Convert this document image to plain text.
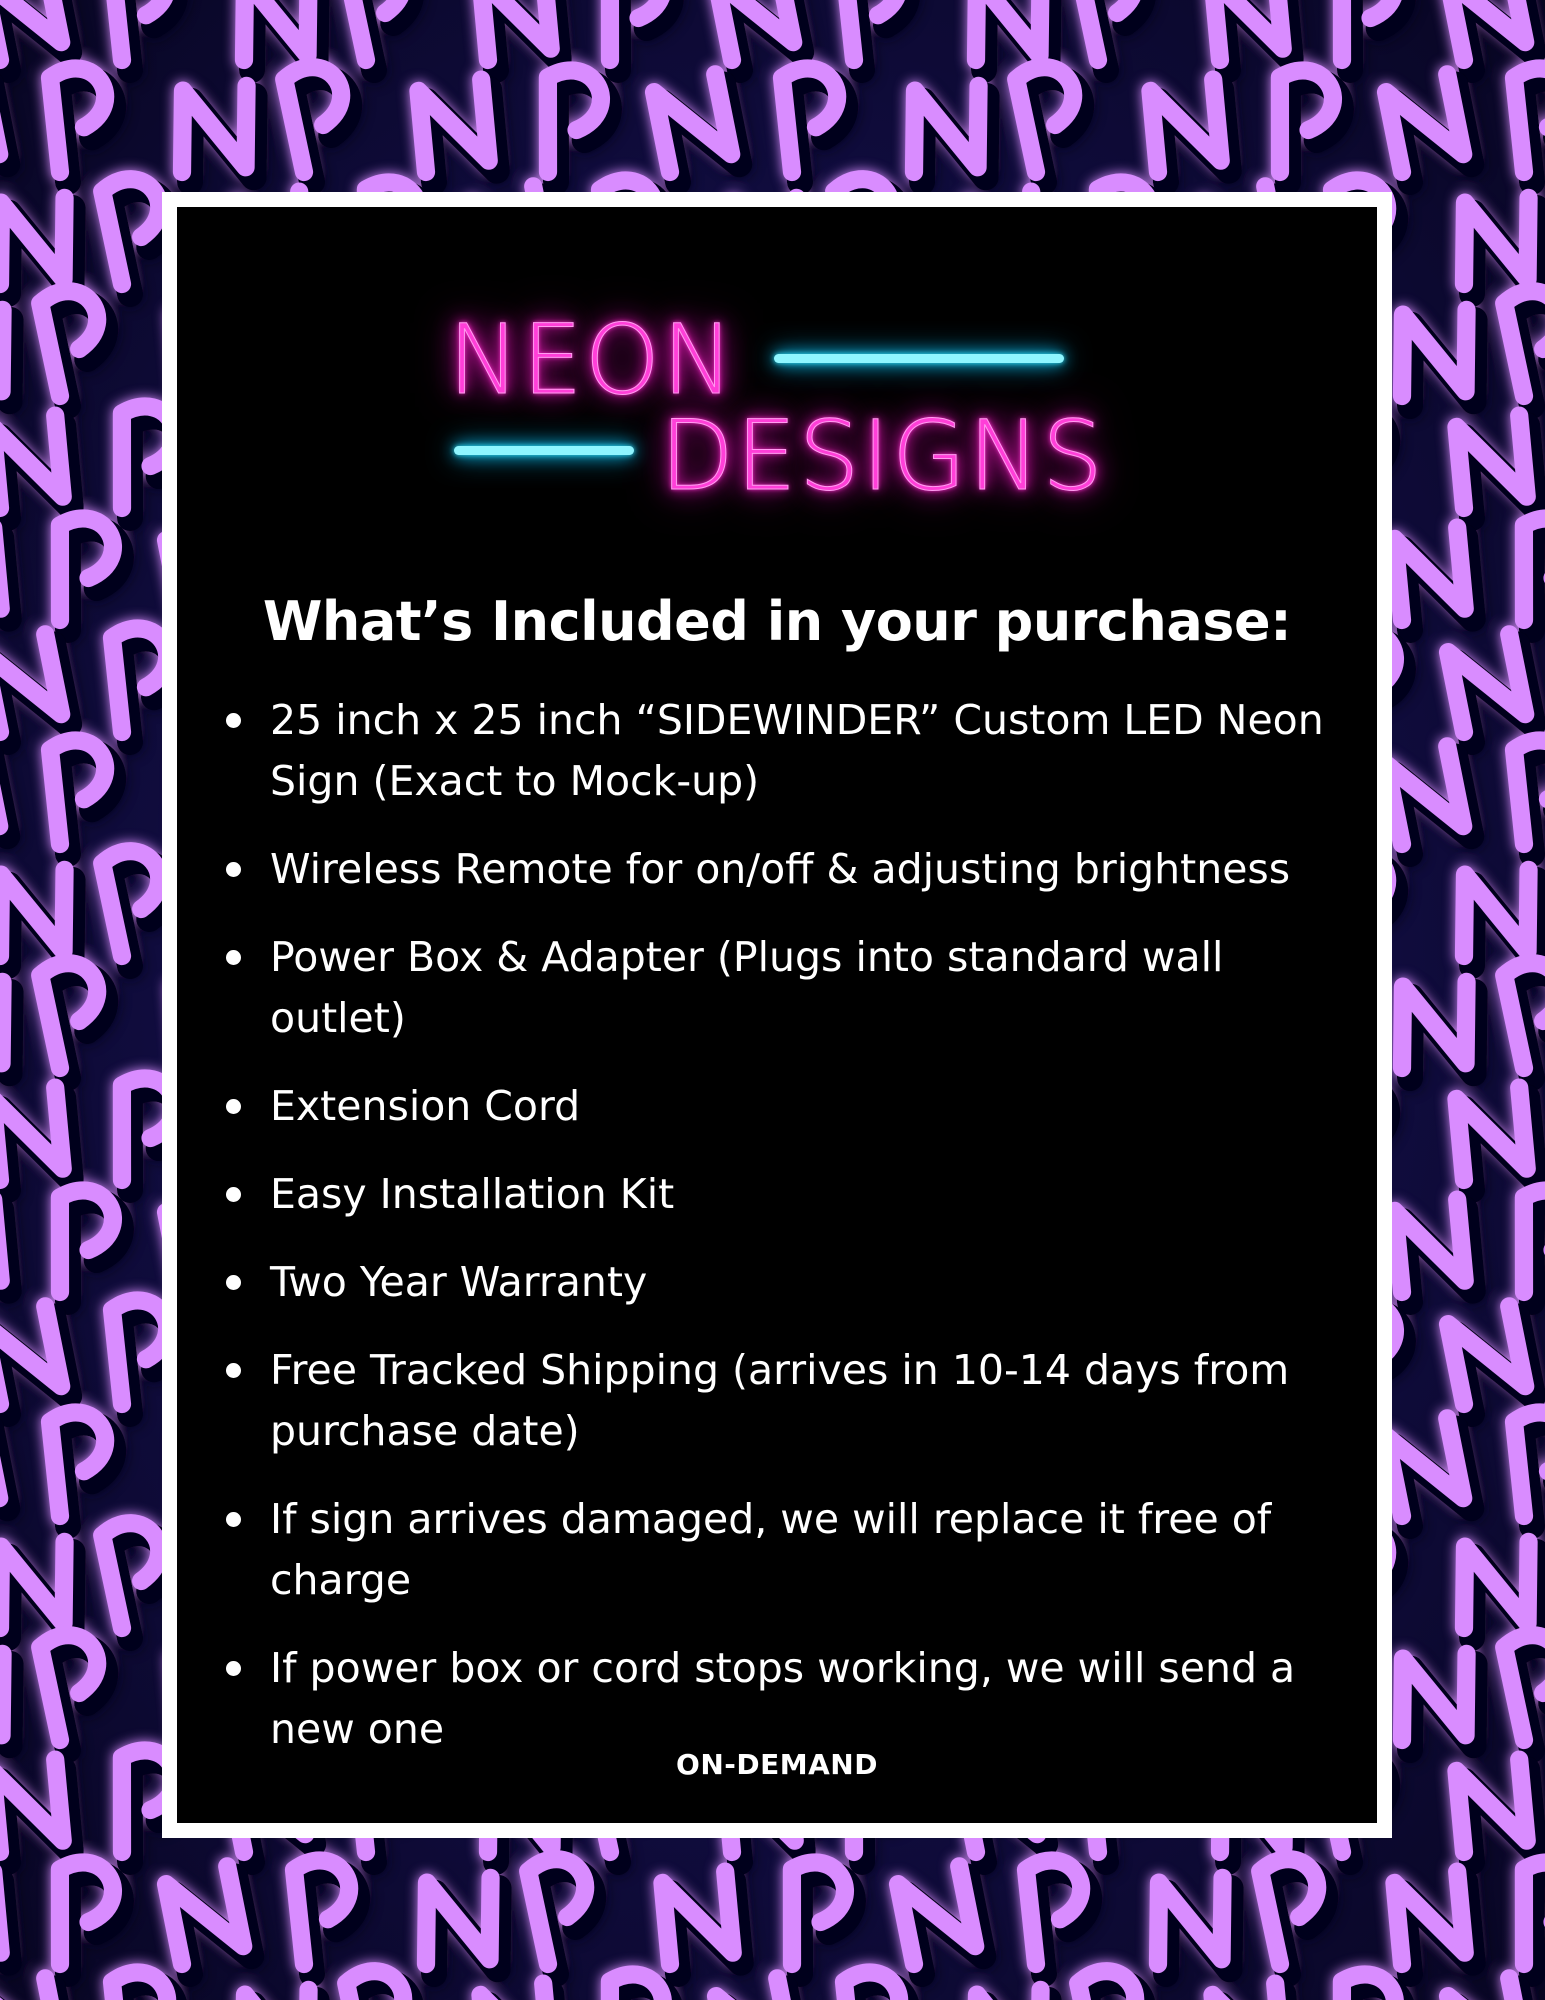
NEON
DESIGNS
What’s Included in your purchase:
25 inch x 25 inch “SIDEWINDER” Custom LED Neon Sign (Exact to Mock-up)
Wireless Remote for on/off & adjusting brightness
Power Box & Adapter (Plugs into standard wall outlet)
Extension Cord
Easy Installation Kit
Two Year Warranty
Free Tracked Shipping (arrives in 10-14 days from purchase date)
If sign arrives damaged, we will replace it free of charge
If power box or cord stops working, we will send a new one
ON-DEMAND
